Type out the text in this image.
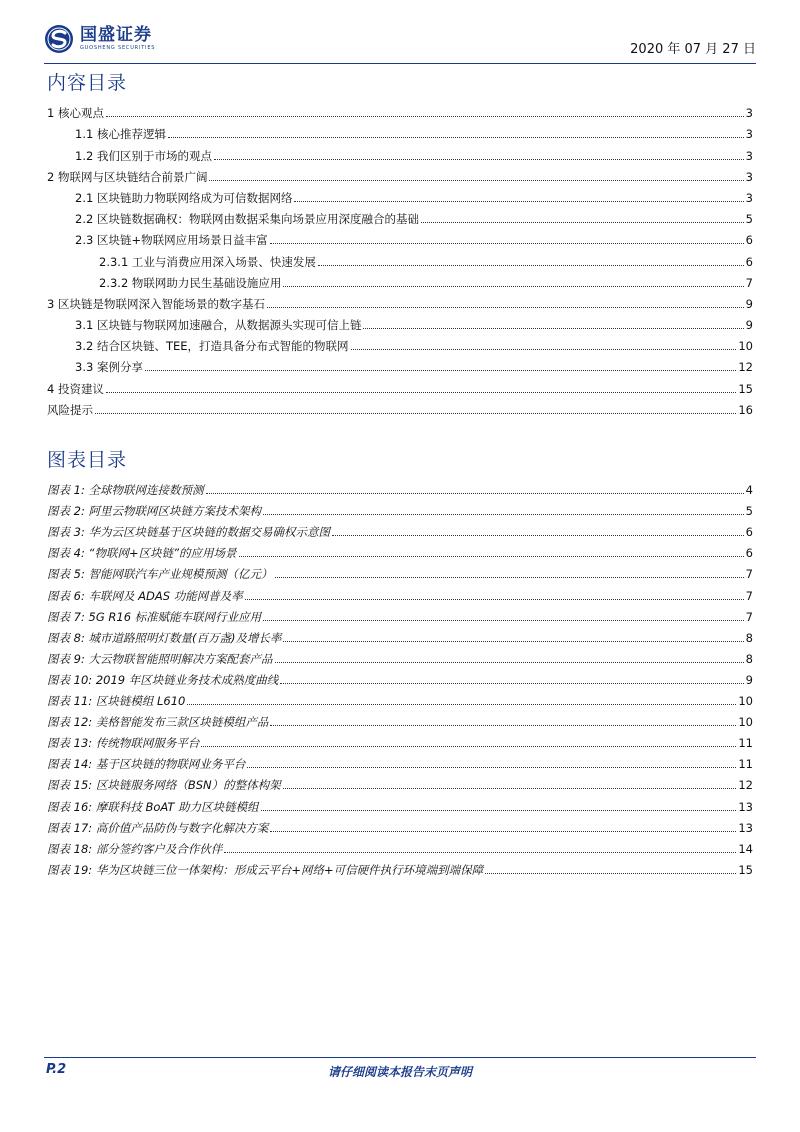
国盛证券
GUOSHENG SECURITIES	2020 年 07 月 27 日
内容目录
1 核心观点	3
1.1 核心推荐逻辑	3
1.2 我们区别于市场的观点	3
2 物联网与区块链结合前景广阔	3
2.1 区块链助力物联网络成为可信数据网络	3
2.2 区块链数据确权：物联网由数据采集向场景应用深度融合的基础	5
2.3 区块链+物联网应用场景日益丰富	6
2.3.1 工业与消费应用深入场景、快速发展	6
2.3.2 物联网助力民生基础设施应用	7
3 区块链是物联网深入智能场景的数字基石	9
3.1 区块链与物联网加速融合，从数据源头实现可信上链	9
3.2 结合区块链、TEE，打造具备分布式智能的物联网	10
3.3 案例分享	12
4 投资建议	15
风险提示	16
图表目录
图表 1: 全球物联网连接数预测	4
图表 2: 阿里云物联网区块链方案技术架构	5
图表 3: 华为云区块链基于区块链的数据交易确权示意图	6
图表 4: “物联网+区块链”的应用场景	6
图表 5: 智能网联汽车产业规模预测（亿元）	7
图表 6: 车联网及 ADAS 功能网普及率	7
图表 7: 5G R16 标准赋能车联网行业应用	7
图表 8: 城市道路照明灯数量(百万盏)及增长率	8
图表 9: 大云物联智能照明解决方案配套产品	8
图表 10: 2019 年区块链业务技术成熟度曲线	9
图表 11: 区块链模组 L610	10
图表 12: 美格智能发布三款区块链模组产品	10
图表 13: 传统物联网服务平台	11
图表 14: 基于区块链的物联网业务平台	11
图表 15: 区块链服务网络（BSN）的整体构架	12
图表 16: 摩联科技 BoAT 助力区块链模组	13
图表 17: 高价值产品防伪与数字化解决方案	13
图表 18: 部分签约客户及合作伙伴	14
图表 19: 华为区块链三位一体架构：形成云平台+网络+可信硬件执行环境端到端保障	15
P.2	请仔细阅读本报告末页声明
